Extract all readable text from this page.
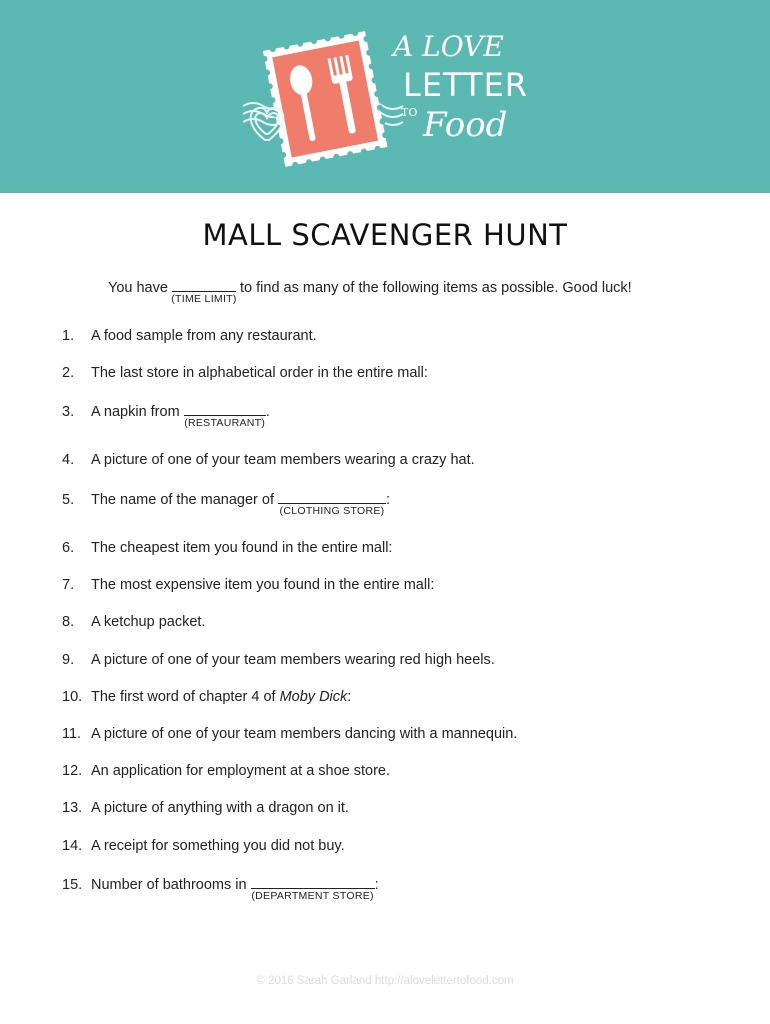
A LOVE
LETTER
TO Food
MALL SCAVENGER HUNT
You have
(TIME LIMIT)
to find as many of the following items as possible. Good luck!
1. A food sample from any restaurant.
2. The last store in alphabetical order in the entire mall:
3. A napkin from
(RESTAURANT)
.
4. A picture of one of your team members wearing a crazy hat.
5. The name of the manager of
(CLOTHING STORE)
:
6. The cheapest item you found in the entire mall:
7. The most expensive item you found in the entire mall:
8. A ketchup packet.
9. A picture of one of your team members wearing red high heels.
10. The first word of chapter 4 of Moby Dick:
11. A picture of one of your team members dancing with a mannequin.
12. An application for employment at a shoe store.
13. A picture of anything with a dragon on it.
14. A receipt for something you did not buy.
15. Number of bathrooms in
(DEPARTMENT STORE)
:
© 2016 Sarah Garland http://alovelettertofood.com
